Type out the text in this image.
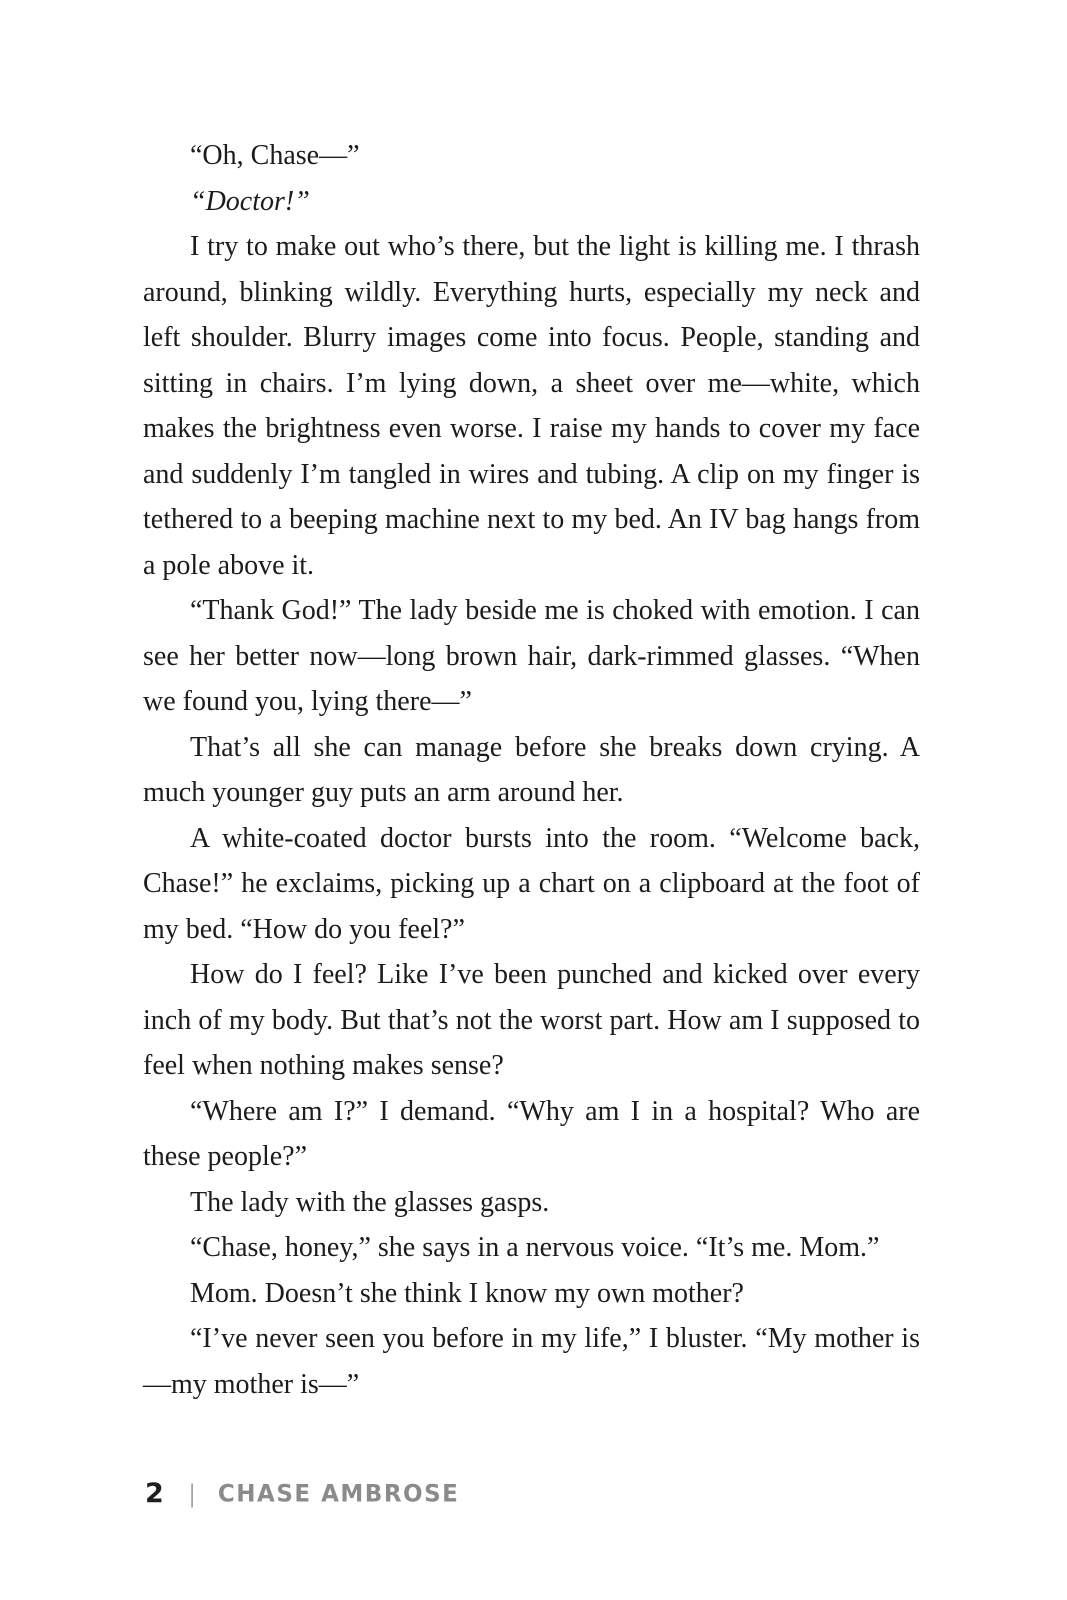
“Oh, Chase—”

“Doctor!”

I try to make out who’s there, but the light is killing me. I thrash around, blinking wildly. Everything hurts, especially my neck and left shoulder. Blurry images come into focus. People, standing and sitting in chairs. I’m lying down, a sheet over me—white, which makes the brightness even worse. I raise my hands to cover my face and suddenly I’m tangled in wires and tubing. A clip on my finger is tethered to a beeping machine next to my bed. An IV bag hangs from a pole above it.

“Thank God!” The lady beside me is choked with emotion. I can see her better now—long brown hair, dark-rimmed glasses. “When we found you, lying there—”

That’s all she can manage before she breaks down crying. A much younger guy puts an arm around her.

A white-coated doctor bursts into the room. “Welcome back, Chase!” he exclaims, picking up a chart on a clipboard at the foot of my bed. “How do you feel?”

How do I feel? Like I’ve been punched and kicked over every inch of my body. But that’s not the worst part. How am I supposed to feel when nothing makes sense?

“Where am I?” I demand. “Why am I in a hospital? Who are these people?”

The lady with the glasses gasps.

“Chase, honey,” she says in a nervous voice. “It’s me. Mom.”

Mom. Doesn’t she think I know my own mother?

“I’ve never seen you before in my life,” I bluster. “My mother is—my mother is—”

2 | CHASE AMBROSE
